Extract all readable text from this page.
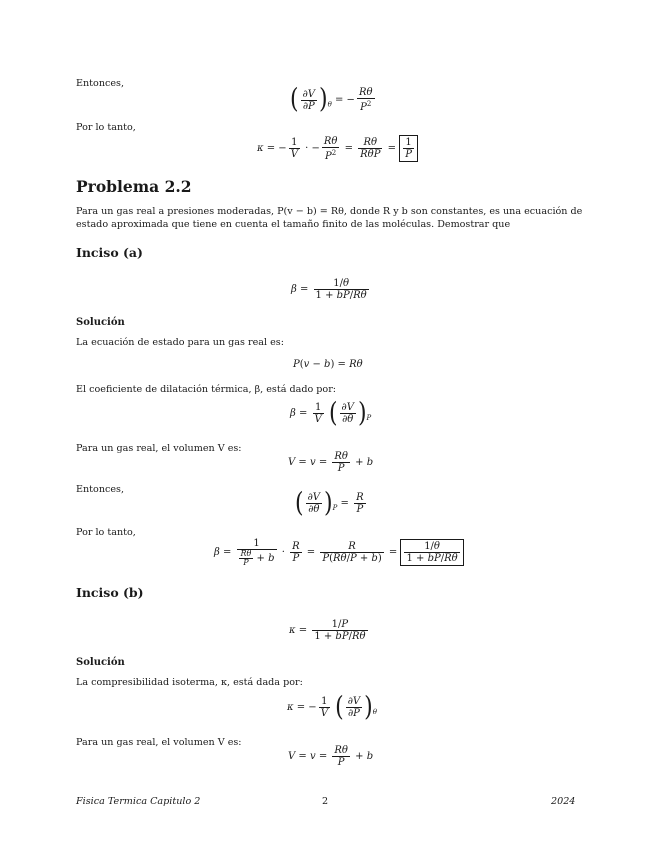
Entonces,
( $\frac{\partial V}{\partial P} )_\theta$ = − $\frac{R\theta}{P^2}$
Por lo tanto,
κ = − $\frac{1}{V}$ · − $\frac{R\theta}{P^2} = \frac{R\theta}{\text{RθP}} = \frac{1}{P}$
Problema 2.2
Para un gas real a presiones moderadas, P(v − b) = Rθ, donde R y b son constantes, es una ecuación de
estado aproximada que tiene en cuenta el tamaño finito de las moléculas. Demostrar que
Inciso (a)
$\beta = \frac{1/\theta}{1 + bP/R\theta}$
Solución
La ecuación de estado para un gas real es:
P(v − b) = Rθ
El coeficiente de dilatación térmica, β, está dado por:
$\beta = \frac{1}{V}$ ( $\frac{\partial V}{\partial\theta} )_P$
Para un gas real, el volumen V es:
$V = v = \frac{R\theta}{P} + b$
Entonces,	( $\frac{\partial V}{\partial\theta} )_P = \frac{R}{P}$
Por lo tanto,
$\beta = \frac{1}{\frac{R\theta}{P} + b} \cdot \frac{R}{P} = \frac{R}{P(R\theta/P + b)} = \frac{1/\theta}{1 + bP/R\theta}$
Inciso (b)
$\kappa = \frac{1/P}{1 + bP/R\theta}$
Solución
La compresibilidad isoterma, κ, está dada por:
κ = − $\frac{1}{V}$ ( $\frac{\partial V}{\partial P} )_\theta$
Para un gas real, el volumen V es:
$V = v = \frac{R\theta}{P} + b$
Fisica Termica Capitulo 2	2	2024
